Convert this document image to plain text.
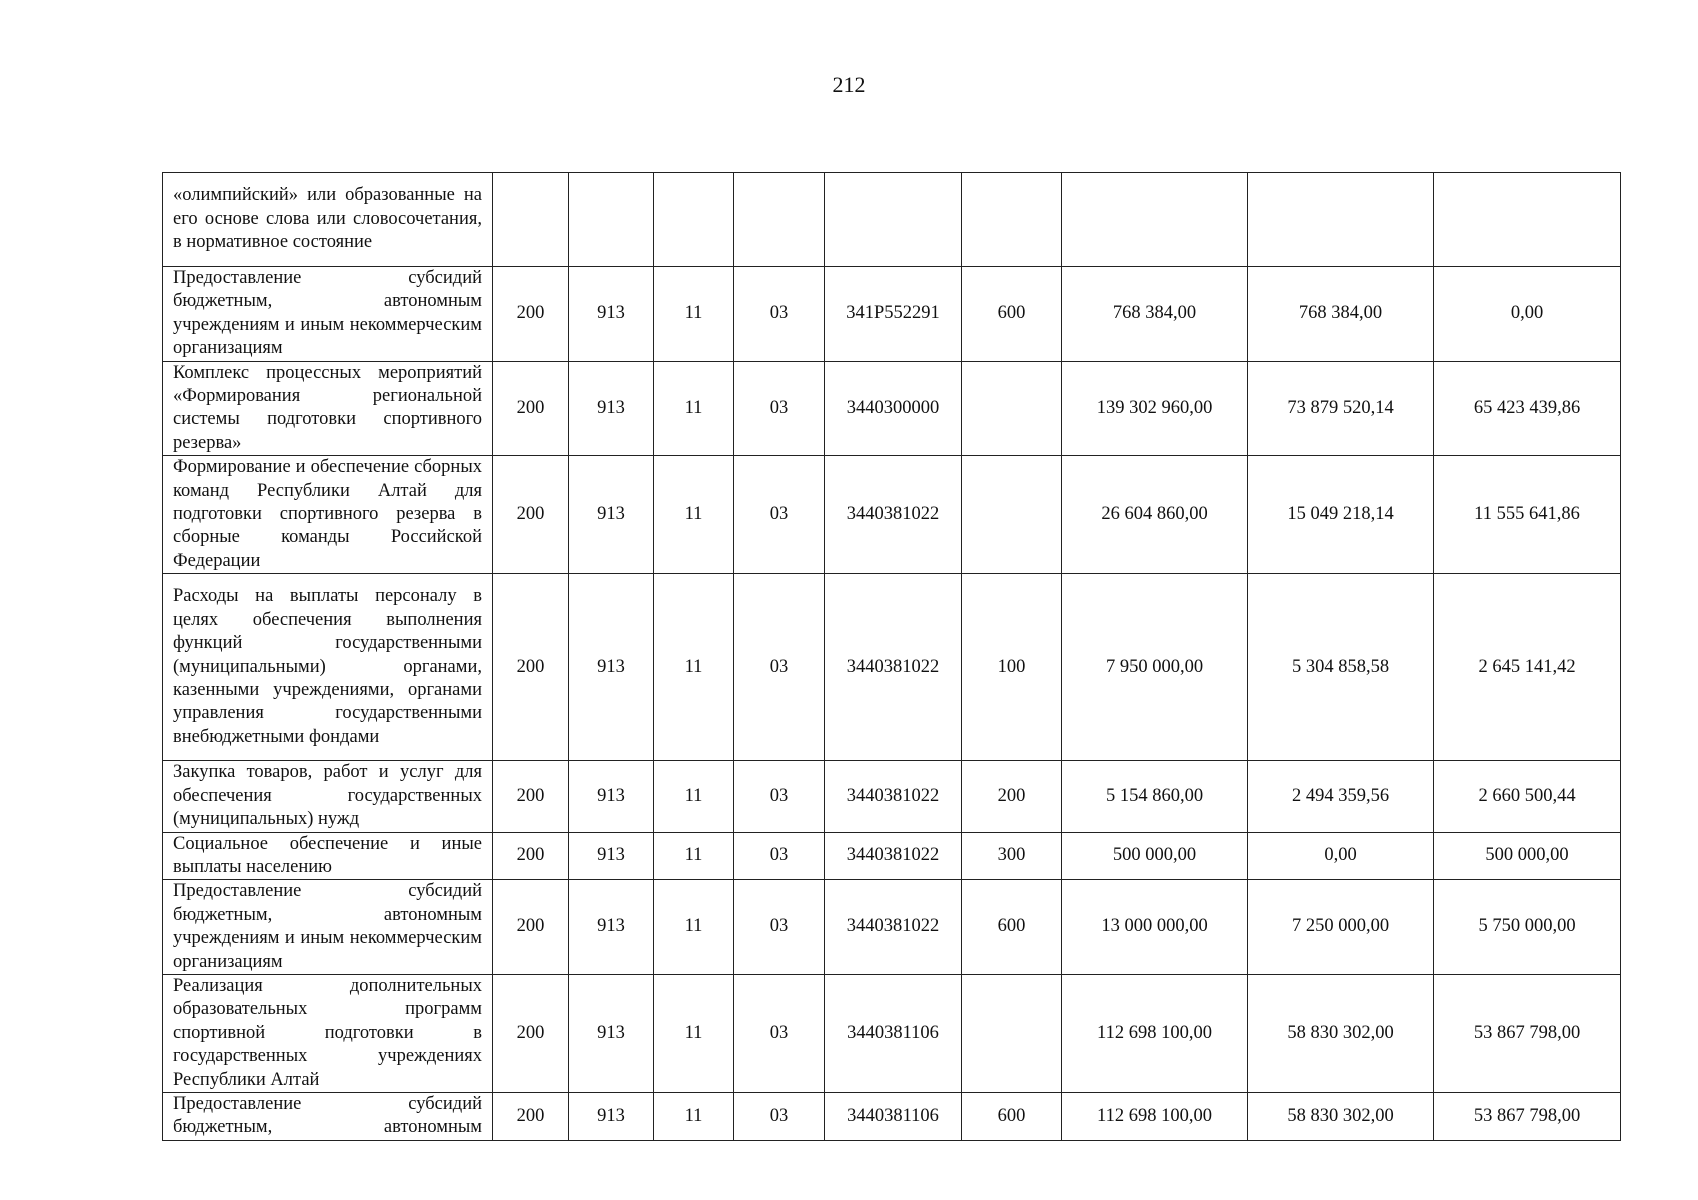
212
«олимпийский» или образованные на его основе слова или словосочетания, в нормативное состояние									
Предоставление субсидий бюджетным, автономным учреждениям и иным некоммерческим организациям	200	913	11	03	341P552291	600	768 384,00	768 384,00	0,00
Комплекс процессных мероприятий «Формирования региональной системы подготовки спортивного резерва»	200	913	11	03	3440300000		139 302 960,00	73 879 520,14	65 423 439,86
Формирование и обеспечение сборных команд Республики Алтай для подготовки спортивного резерва в сборные команды Российской Федерации	200	913	11	03	3440381022		26 604 860,00	15 049 218,14	11 555 641,86
Расходы на выплаты персоналу в целях обеспечения выполнения функций государственными (муниципальными) органами, казенными учреждениями, органами управления государственными внебюджетными фондами	200	913	11	03	3440381022	100	7 950 000,00	5 304 858,58	2 645 141,42
Закупка товаров, работ и услуг для обеспечения государственных (муниципальных) нужд	200	913	11	03	3440381022	200	5 154 860,00	2 494 359,56	2 660 500,44
Социальное обеспечение и иные выплаты населению	200	913	11	03	3440381022	300	500 000,00	0,00	500 000,00
Предоставление субсидий бюджетным, автономным учреждениям и иным некоммерческим организациям	200	913	11	03	3440381022	600	13 000 000,00	7 250 000,00	5 750 000,00
Реализация дополнительных образовательных программ спортивной подготовки в государственных учреждениях Республики Алтай	200	913	11	03	3440381106		112 698 100,00	58 830 302,00	53 867 798,00
Предоставление субсидий бюджетным, автономным	200	913	11	03	3440381106	600	112 698 100,00	58 830 302,00	53 867 798,00
